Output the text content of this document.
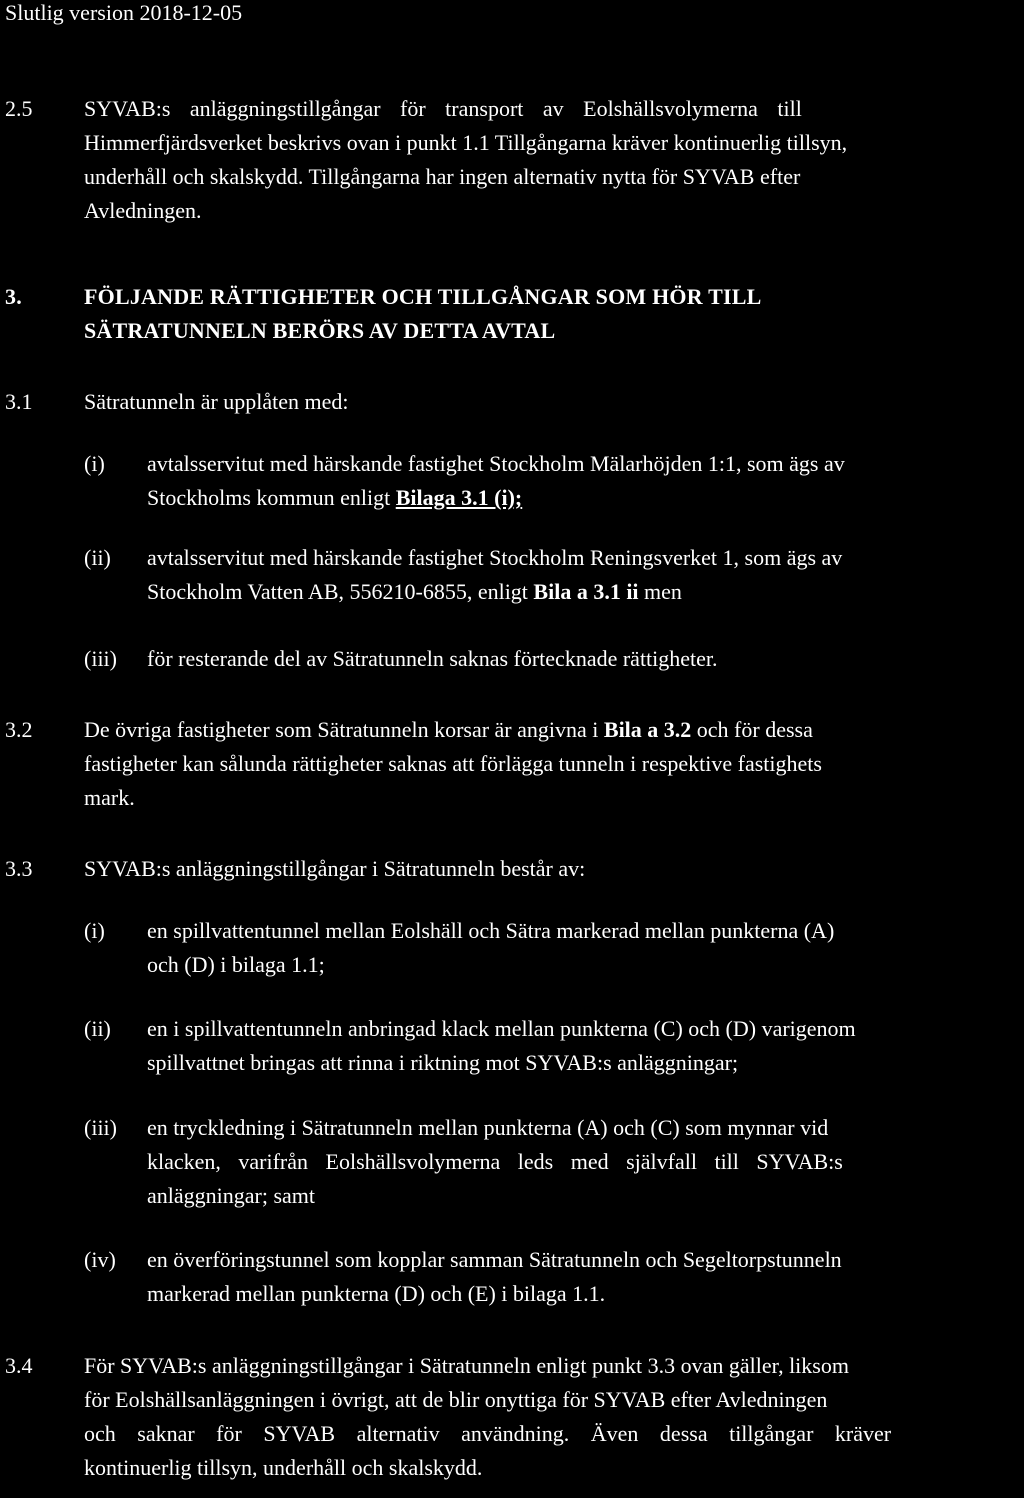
Slutlig version 2018-12-05
2.5 SYVAB:s anläggningstillgångar för transport av Eolshällsvolymerna till
Himmerfjärdsverket beskrivs ovan i punkt 1.1 Tillgångarna kräver kontinuerlig tillsyn,
underhåll och skalskydd. Tillgångarna har ingen alternativ nytta för SYVAB efter
Avledningen.
3.	FÖLJANDE RÄTTIGHETER OCH TILLGÅNGAR SOM HÖR TILL
SÄTRATUNNELN BERÖRS AV DETTA AVTAL
3.1 Sätratunneln är upplåten med:
(i) avtalsservitut med härskande fastighet Stockholm Mälarhöjden 1:1, som ägs av
Stockholms kommun enligt Bilaga 3.1 (i);
(ii) avtalsservitut med härskande fastighet Stockholm Reningsverket 1, som ägs av
Stockholm Vatten AB, 556210-6855, enligt Bila a 3.1 ii men
(iii) för resterande del av Sätratunneln saknas förtecknade rättigheter.
3.2 De övriga fastigheter som Sätratunneln korsar är angivna i Bila a 3.2 och för dessa
fastigheter kan sålunda rättigheter saknas att förlägga tunneln i respektive fastighets
mark.
3.3 SYVAB:s anläggningstillgångar i Sätratunneln består av:
(i) en spillvattentunnel mellan Eolshäll och Sätra markerad mellan punkterna (A)
och (D) i bilaga 1.1;
(ii) en i spillvattentunneln anbringad klack mellan punkterna (C) och (D) varigenom
spillvattnet bringas att rinna i riktning mot SYVAB:s anläggningar;
(iii) en tryckledning i Sätratunneln mellan punkterna (A) och (C) som mynnar vid
klacken, varifrån Eolshällsvolymerna leds med självfall till SYVAB:s
anläggningar; samt
(iv) en överföringstunnel som kopplar samman Sätratunneln och Segeltorpstunneln
markerad mellan punkterna (D) och (E) i bilaga 1.1.
3.4 För SYVAB:s anläggningstillgångar i Sätratunneln enligt punkt 3.3 ovan gäller, liksom
för Eolshällsanläggningen i övrigt, att de blir onyttiga för SYVAB efter Avledningen
och saknar för SYVAB alternativ användning. Även dessa tillgångar kräver
kontinuerlig tillsyn, underhåll och skalskydd.
